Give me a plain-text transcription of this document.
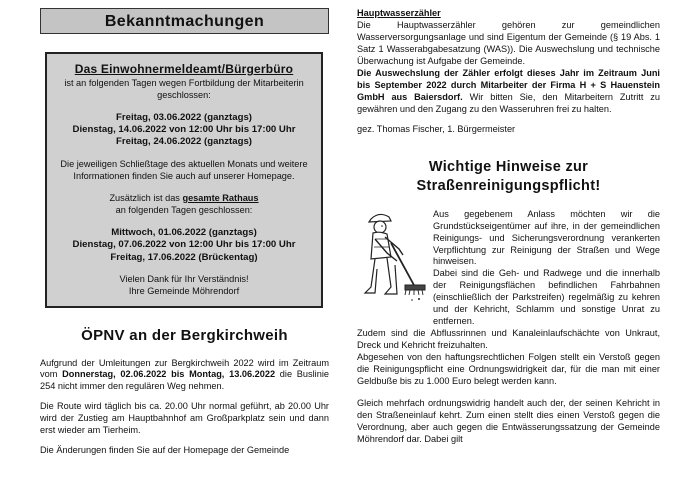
Bekanntmachungen
Das Einwohnermeldeamt/Bürgerbüro

ist an folgenden Tagen wegen Fortbildung der Mitarbeiterin geschlossen:

Freitag, 03.06.2022 (ganztags)

Dienstag, 14.06.2022 von 12:00 Uhr bis 17:00 Uhr

Freitag, 24.06.2022 (ganztags)

Die jeweiligen Schließtage des aktuellen Monats und weitere Informationen finden Sie auch auf unserer Homepage.

Zusätzlich ist das gesamte Rathaus

an folgenden Tagen geschlossen:

Mittwoch, 01.06.2022 (ganztags)

Dienstag, 07.06.2022 von 12:00 Uhr bis 17:00 Uhr

Freitag, 17.06.2022 (Brückentag)

Vielen Dank für Ihr Verständnis!

Ihre Gemeinde Möhrendorf

ÖPNV an der Bergkirchweih

Aufgrund der Umleitungen zur Bergkirchweih 2022 wird im Zeitraum vom Donnerstag, 02.06.2022 bis Montag, 13.06.2022 die Buslinie 254 nicht immer den regulären Weg nehmen.

Die Route wird täglich bis ca. 20.00 Uhr normal geführt, ab 20.00 Uhr wird der Zustieg am Hauptbahnhof am Großparkplatz sein und dann erst wieder am Tierheim.

Die Änderungen finden Sie auf der Homepage der Gemeinde

Hauptwasserzähler

Die Hauptwasserzähler gehören zur gemeindlichen Wasserversorgungsanlage und sind Eigentum der Gemeinde (§ 19 Abs. 1 Satz 1 Wasserabgabesatzung (WAS)). Die Auswechslung und technische Überwachung ist Aufgabe der Gemeinde.

Die Auswechslung der Zähler erfolgt dieses Jahr im Zeitraum Juni bis September 2022 durch Mitarbeiter der Firma H + S Hauenstein GmbH aus Baiersdorf. Wir bitten Sie, den Mitarbeitern Zutritt zu gewähren und den Zugang zu den Wasseruhren frei zu halten.

gez. Thomas Fischer, 1. Bürgermeister

Wichtige Hinweise zur
Straßenreinigungspflicht!

Aus gegebenem Anlass möchten wir die Grundstückseigentümer auf ihre, in der gemeindlichen Reinigungs- und Sicherungsverordnung verankerten Verpflichtung zur Reinigung der Straßen und Wege hinweisen.

Dabei sind die Geh- und Radwege und die innerhalb der Reinigungsflächen befindlichen Fahrbahnen (einschließlich der Parkstreifen) regelmäßig zu kehren und der Kehricht, Schlamm und sonstige Unrat zu entfernen.

Zudem sind die Abflussrinnen und Kanaleinlaufschächte von Unkraut, Dreck und Kehricht freizuhalten.

Abgesehen von den haftungsrechtlichen Folgen stellt ein Verstoß gegen die Reinigungspflicht eine Ordnungswidrigkeit dar, für die man mit einer Geldbuße bis zu 1.000 Euro belegt werden kann.

Gleich mehrfach ordnungswidrig handelt auch der, der seinen Kehricht in den Straßeneinlauf kehrt. Zum einen stellt dies einen Verstoß gegen die Verordnung, aber auch gegen die Entwässerungssatzung der Gemeinde Möhrendorf dar. Dabei gilt
